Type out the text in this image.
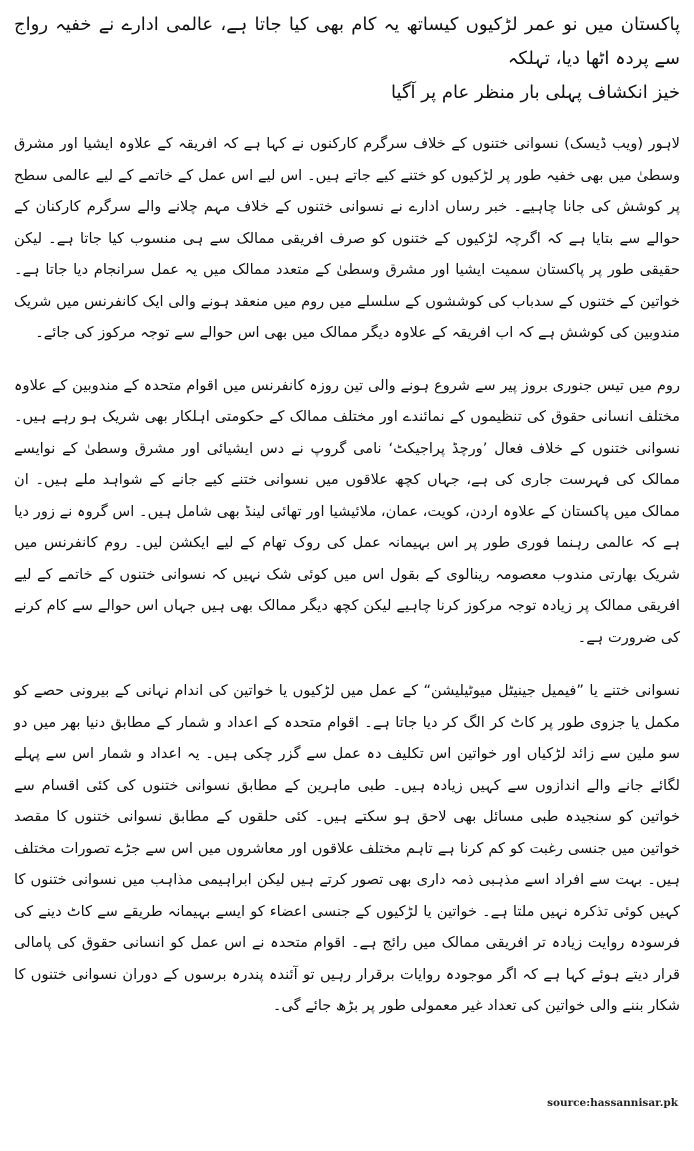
پاکستان میں نو عمر لڑکیوں کیساتھ یہ کام بھی کیا جاتا ہے، عالمی ادارے نے خفیہ رواج سے پردہ اٹھا دیا، تہلکہ
خیز انکشاف پہلی بار منظر عام پر آگیا

لاہور (ویب ڈیسک) نسوانی ختنوں کے خلاف سرگرم کارکنوں نے کہا ہے کہ افریقہ کے علاوہ ایشیا اور مشرق وسطیٰ میں بھی خفیہ طور پر لڑکیوں کو ختنے کیے جاتے ہیں۔ اس لیے اس عمل کے خاتمے کے لیے عالمی سطح پر کوشش کی جانا چاہیے۔ خبر رساں ادارے نے نسوانی ختنوں کے خلاف مہم چلانے والے سرگرم کارکنان کے حوالے سے بتایا ہے کہ اگرچہ لڑکیوں کے ختنوں کو صرف افریقی ممالک سے ہی منسوب کیا جاتا ہے۔ لیکن حقیقی طور پر پاکستان سمیت ایشیا اور مشرق وسطیٰ کے متعدد ممالک میں یہ عمل سرانجام دیا جاتا ہے۔ خواتین کے ختنوں کے سدباب کی کوششوں کے سلسلے میں روم میں منعقد ہونے والی ایک کانفرنس میں شریک مندوبین کی کوشش ہے کہ اب افریقہ کے علاوہ دیگر ممالک میں بھی اس حوالے سے توجہ مرکوز کی جائے۔

روم میں تیس جنوری بروز پیر سے شروع ہونے والی تین روزہ کانفرنس میں اقوام متحدہ کے مندوبین کے علاوہ مختلف انسانی حقوق کی تنظیموں کے نمائندے اور مختلف ممالک کے حکومتی اہلکار بھی شریک ہو رہے ہیں۔ نسوانی ختنوں کے خلاف فعال ’ورچڈ پراجیکٹ‘ نامی گروپ نے دس ایشیائی اور مشرق وسطیٰ کے نوایسے ممالک کی فہرست جاری کی ہے، جہاں کچھ علاقوں میں نسوانی ختنے کیے جانے کے شواہد ملے ہیں۔ ان ممالک میں پاکستان کے علاوہ اردن، کویت، عمان، ملائیشیا اور تھائی لینڈ بھی شامل ہیں۔ اس گروہ نے زور دیا ہے کہ عالمی رہنما فوری طور پر اس بہیمانہ عمل کی روک تھام کے لیے ایکشن لیں۔ روم کانفرنس میں شریک بھارتی مندوب معصومہ رینالوی کے بقول اس میں کوئی شک نہیں کہ نسوانی ختنوں کے خاتمے کے لیے افریقی ممالک پر زیادہ توجہ مرکوز کرنا چاہیے لیکن کچھ دیگر ممالک بھی ہیں جہاں اس حوالے سے کام کرنے کی ضرورت ہے۔

نسوانی ختنے یا ”فیمیل جینیٹل میوٹیلیشن“ کے عمل میں لڑکیوں یا خواتین کی اندام نہانی کے بیرونی حصے کو مکمل یا جزوی طور پر کاٹ کر الگ کر دیا جاتا ہے۔ اقوام متحدہ کے اعداد و شمار کے مطابق دنیا بھر میں دو سو ملین سے زائد لڑکیاں اور خواتین اس تکلیف دہ عمل سے گزر چکی ہیں۔ یہ اعداد و شمار اس سے پہلے لگائے جانے والے اندازوں سے کہیں زیادہ ہیں۔ طبی ماہرین کے مطابق نسوانی ختنوں کی کئی اقسام سے خواتین کو سنجیدہ طبی مسائل بھی لاحق ہو سکتے ہیں۔ کئی حلقوں کے مطابق نسوانی ختنوں کا مقصد خواتین میں جنسی رغبت کو کم کرنا ہے تاہم مختلف علاقوں اور معاشروں میں اس سے جڑے تصورات مختلف ہیں۔ بہت سے افراد اسے مذہبی ذمہ داری بھی تصور کرتے ہیں لیکن ابراہیمی مذاہب میں نسوانی ختنوں کا کہیں کوئی تذکرہ نہیں ملتا ہے۔ خواتین یا لڑکیوں کے جنسی اعضاء کو ایسے بہیمانہ طریقے سے کاٹ دینے کی فرسودہ روایت زیادہ تر افریقی ممالک میں رائج ہے۔ اقوام متحدہ نے اس عمل کو انسانی حقوق کی پامالی قرار دیتے ہوئے کہا ہے کہ اگر موجودہ روایات برقرار رہیں تو آئندہ پندرہ برسوں کے دوران نسوانی ختنوں کا شکار بننے والی خواتین کی تعداد غیر معمولی طور پر بڑھ جائے گی۔

source:hassannisar.pk
